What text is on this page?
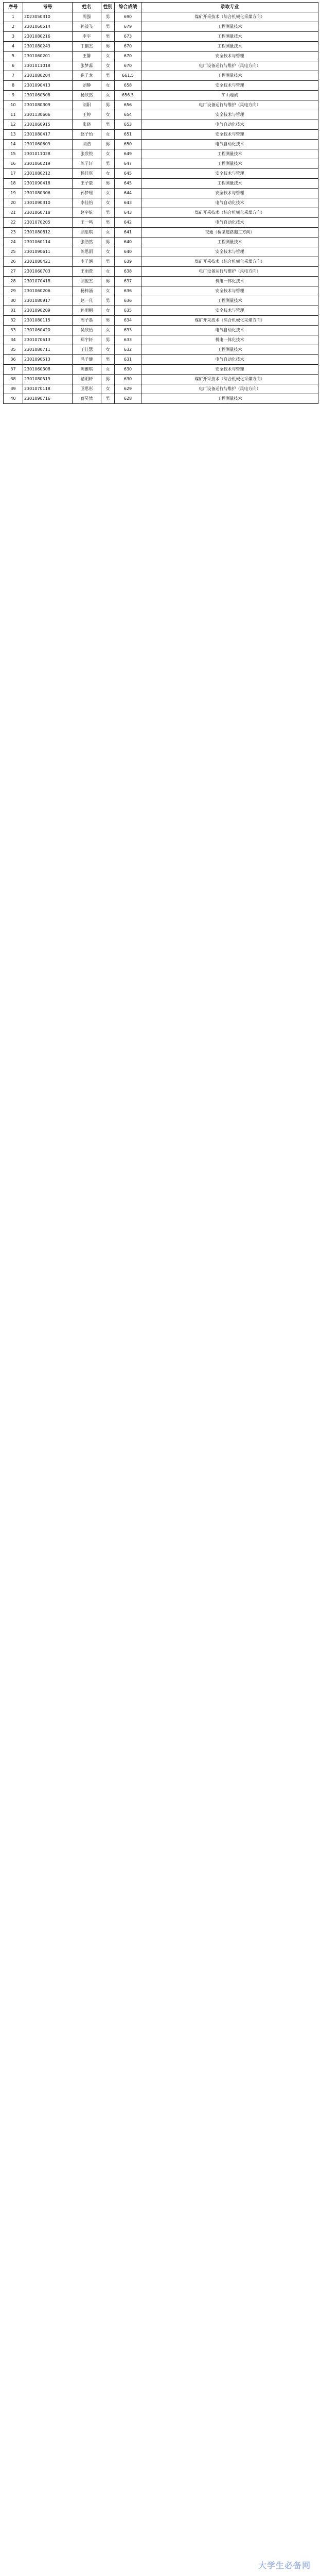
序号	考号	姓名	性别	综合成绩	录取专业
1	2023050310	周强	男	690	煤矿开采技术（综合机械化采煤方向）
2	2301060514	孙毅飞	男	679	工程测量技术
3	2301080216	李宇	男	673	工程测量技术
4	2301080243	丁鹏杰	男	670	工程测量技术
5	2301060201	王馨	女	670	安全技术与管理
6	2301011018	张梦蕊	女	670	电厂设备运行与维护（风电方向）
7	2301080204	崔子龙	男	661.5	工程测量技术
8	2301090413	刘静	女	658	安全技术与管理
9	2301060508	杨欣然	女	656.5	矿山地质
10	2301080309	刘阳	男	656	电厂设备运行与维护（风电方向）
11	2301130606	王婷	女	654	安全技术与管理
12	2301060915	张晓	男	653	电气自动化技术
13	2301080417	赵子怡	女	651	安全技术与管理
14	2301060609	刘浩	男	650	电气自动化技术
15	2301011028	张欣悦	女	649	工程测量技术
16	2301060219	陈子轩	男	647	工程测量技术
17	2301080212	杨佳琪	女	645	安全技术与管理
18	2301090418	王子豪	男	645	工程测量技术
19	2301080306	孙梦瑶	女	644	安全技术与管理
20	2301090310	李佳怡	女	643	电气自动化技术
21	2301060718	赵宇航	男	643	煤矿开采技术（综合机械化采煤方向）
22	2301070205	王一鸣	男	642	电气自动化技术
23	2301080812	刘思琪	女	641	交通（桥梁道路施工方向）
24	2301060114	张浩然	男	640	工程测量技术
25	2301090611	陈思雨	女	640	安全技术与管理
26	2301080421	李子涵	男	639	煤矿开采技术（综合机械化采煤方向）
27	2301060703	王雨萱	女	638	电厂设备运行与维护（风电方向）
28	2301070418	刘俊杰	男	637	机电一体化技术
29	2301060206	杨梓涵	女	636	安全技术与管理
30	2301080917	赵一凡	男	636	工程测量技术
31	2301090209	孙雨桐	女	635	安全技术与管理
32	2301080115	周子墨	男	634	煤矿开采技术（综合机械化采煤方向）
33	2301060420	吴欣怡	女	633	电气自动化技术
34	2301070613	郑宇轩	男	633	机电一体化技术
35	2301080711	王佳慧	女	632	工程测量技术
36	2301090513	冯子健	男	631	电气自动化技术
37	2301060308	陈雅琪	女	630	安全技术与管理
38	2301080519	褚明轩	男	630	煤矿开采技术（综合机械化采煤方向）
39	2301070118	卫思彤	女	629	电厂设备运行与维护（风电方向）
40	2301090716	蒋昊然	男	628	工程测量技术
大学生必备网
